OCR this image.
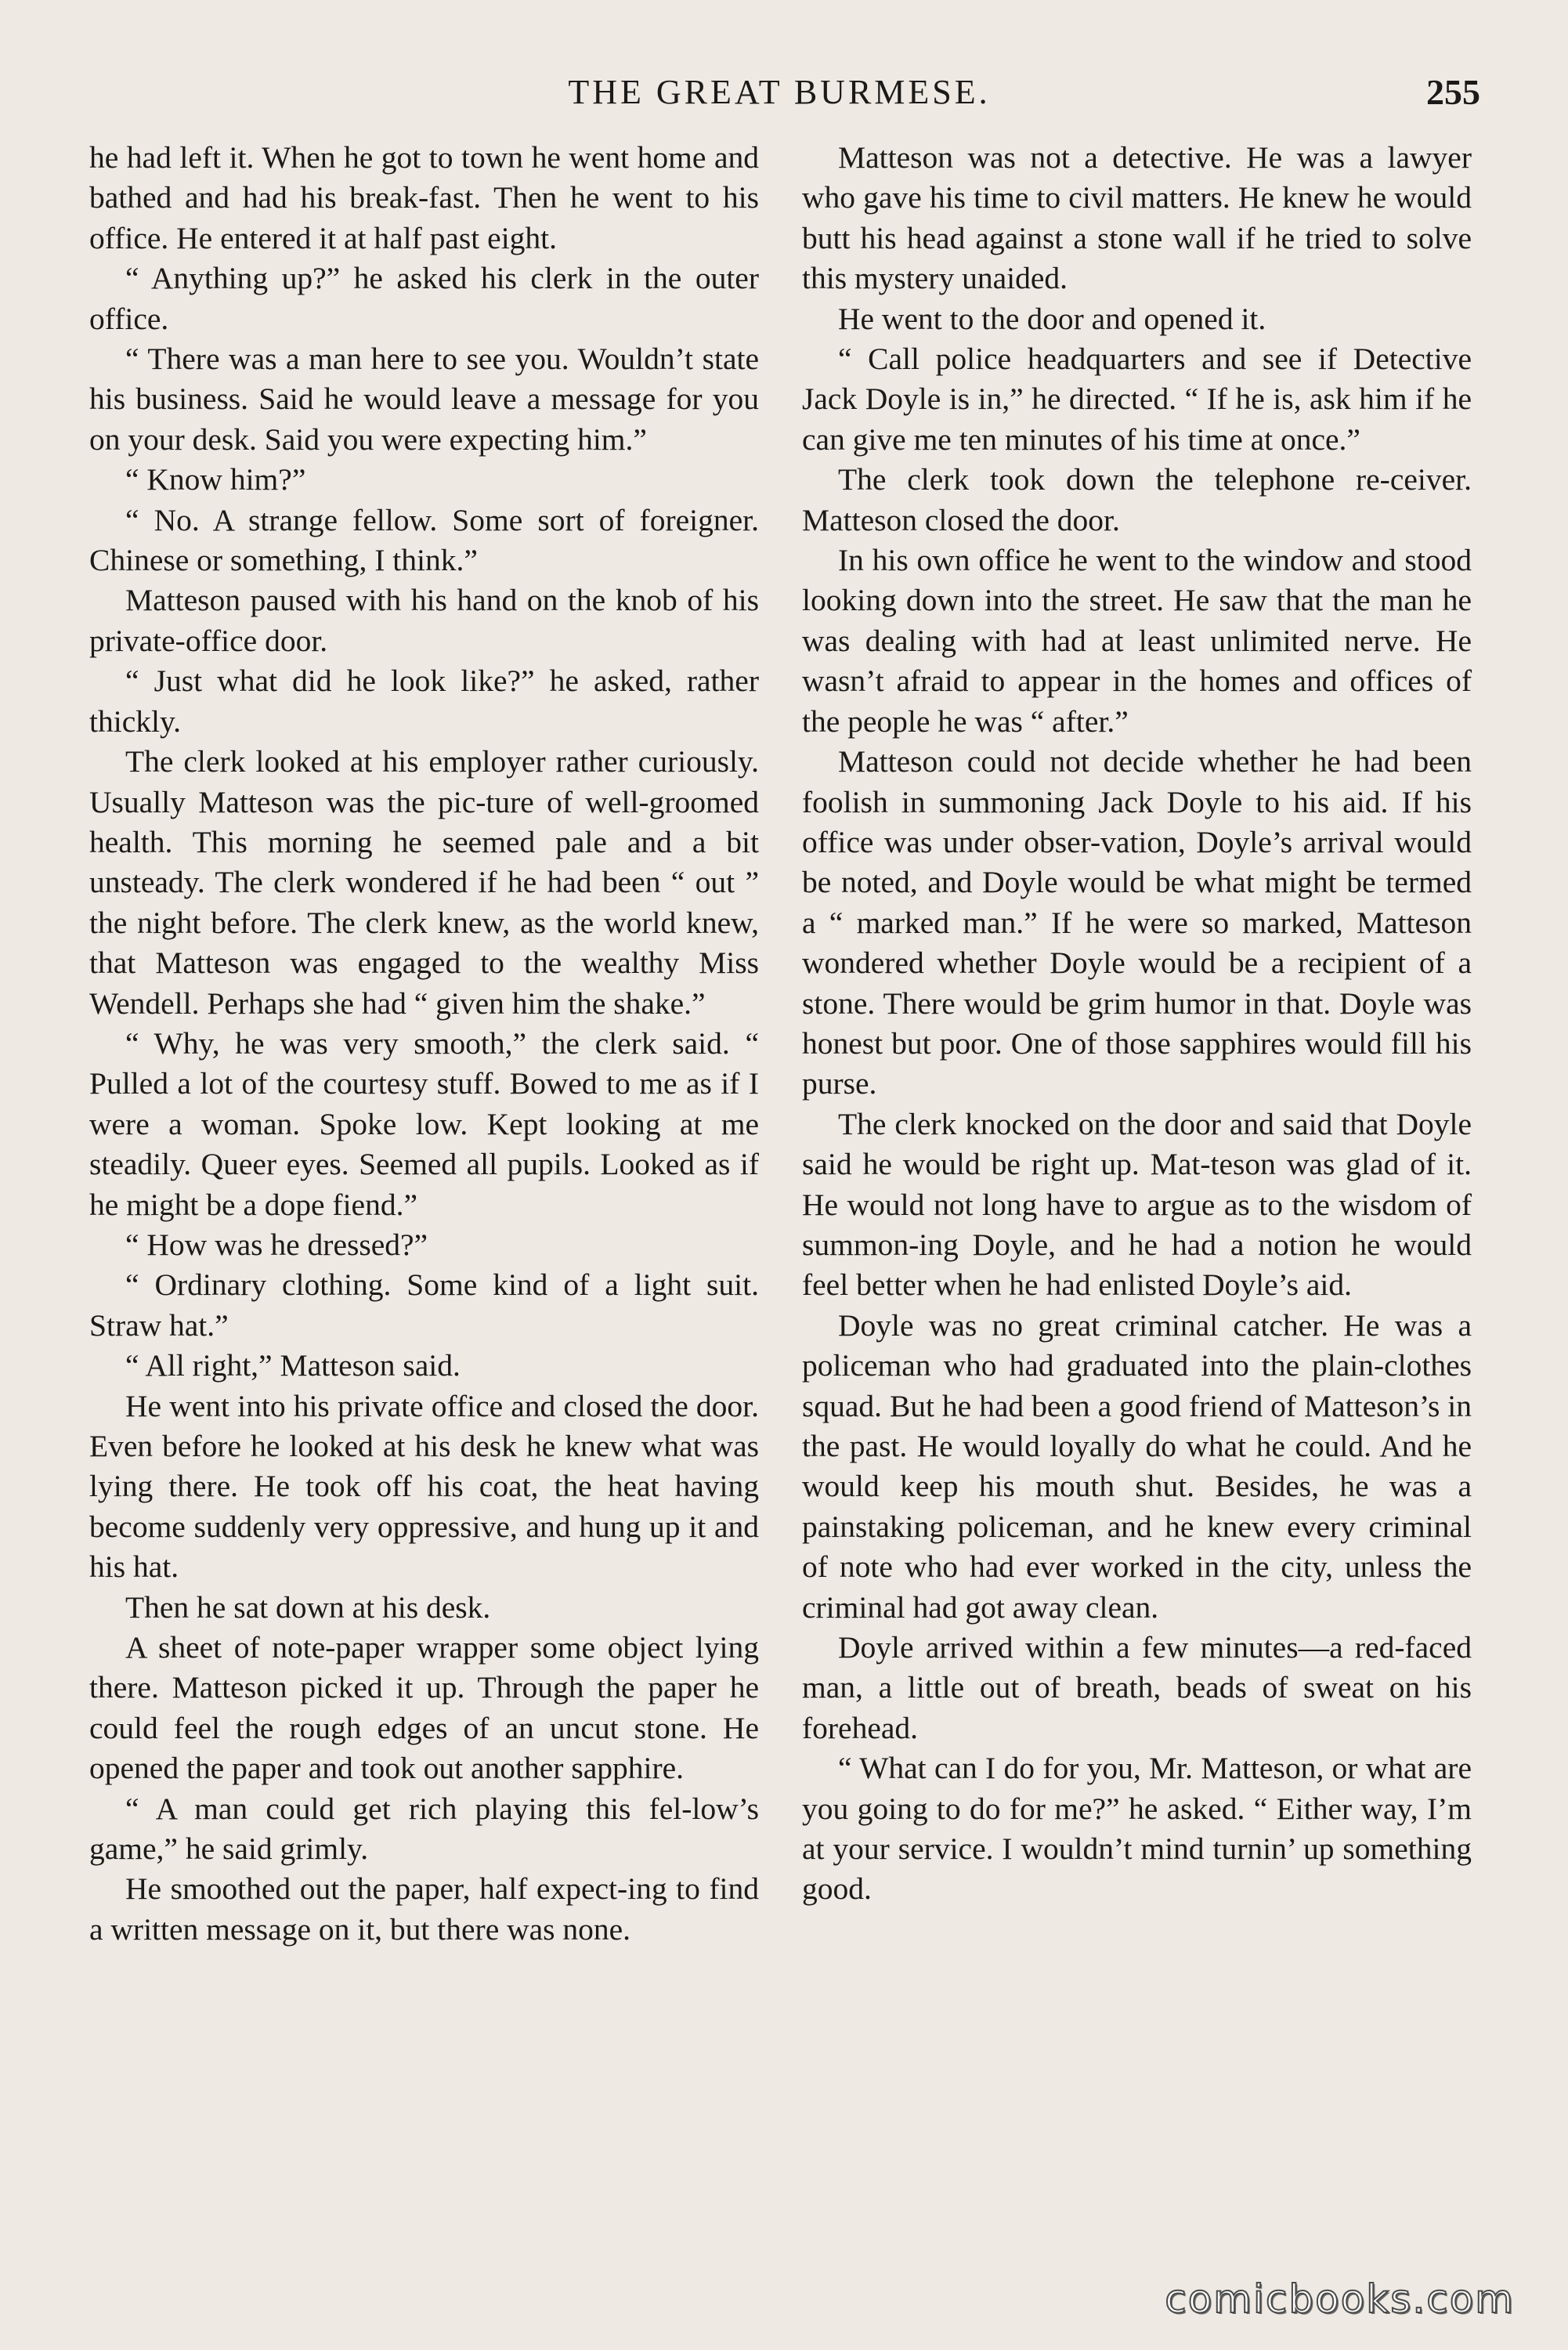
THE GREAT BURMESE.	255

he had left it. When he got to town he went home and bathed and had his break-fast. Then he went to his office. He entered it at half past eight.

“ Anything up?” he asked his clerk in the outer office.

“ There was a man here to see you. Wouldn’t state his business. Said he would leave a message for you on your desk. Said you were expecting him.”

“ Know him?”

“ No. A strange fellow. Some sort of foreigner. Chinese or something, I think.”

Matteson paused with his hand on the knob of his private-office door.

“ Just what did he look like?” he asked, rather thickly.

The clerk looked at his employer rather curiously. Usually Matteson was the pic-ture of well-groomed health. This morning he seemed pale and a bit unsteady. The clerk wondered if he had been “ out ” the night before. The clerk knew, as the world knew, that Matteson was engaged to the wealthy Miss Wendell. Perhaps she had “ given him the shake.”

“ Why, he was very smooth,” the clerk said. “ Pulled a lot of the courtesy stuff. Bowed to me as if I were a woman. Spoke low. Kept looking at me steadily. Queer eyes. Seemed all pupils. Looked as if he might be a dope fiend.”

“ How was he dressed?”

“ Ordinary clothing. Some kind of a light suit. Straw hat.”

“ All right,” Matteson said.

He went into his private office and closed the door. Even before he looked at his desk he knew what was lying there. He took off his coat, the heat having become suddenly very oppressive, and hung up it and his hat.

Then he sat down at his desk.

A sheet of note-paper wrapper some object lying there. Matteson picked it up. Through the paper he could feel the rough edges of an uncut stone. He opened the paper and took out another sapphire.

“ A man could get rich playing this fel-low’s game,” he said grimly.

He smoothed out the paper, half expect-ing to find a written message on it, but there was none.

Matteson was not a detective. He was a lawyer who gave his time to civil matters. He knew he would butt his head against a stone wall if he tried to solve this mystery unaided.

He went to the door and opened it.

“ Call police headquarters and see if Detective Jack Doyle is in,” he directed. “ If he is, ask him if he can give me ten minutes of his time at once.”

The clerk took down the telephone re-ceiver. Matteson closed the door.

In his own office he went to the window and stood looking down into the street. He saw that the man he was dealing with had at least unlimited nerve. He wasn’t afraid to appear in the homes and offices of the people he was “ after.”

Matteson could not decide whether he had been foolish in summoning Jack Doyle to his aid. If his office was under obser-vation, Doyle’s arrival would be noted, and Doyle would be what might be termed a “ marked man.” If he were so marked, Matteson wondered whether Doyle would be a recipient of a stone. There would be grim humor in that. Doyle was honest but poor. One of those sapphires would fill his purse.

The clerk knocked on the door and said that Doyle said he would be right up. Mat-teson was glad of it. He would not long have to argue as to the wisdom of summon-ing Doyle, and he had a notion he would feel better when he had enlisted Doyle’s aid.

Doyle was no great criminal catcher. He was a policeman who had graduated into the plain-clothes squad. But he had been a good friend of Matteson’s in the past. He would loyally do what he could. And he would keep his mouth shut. Besides, he was a painstaking policeman, and he knew every criminal of note who had ever worked in the city, unless the criminal had got away clean.

Doyle arrived within a few minutes—a red-faced man, a little out of breath, beads of sweat on his forehead.

“ What can I do for you, Mr. Matteson, or what are you going to do for me?” he asked. “ Either way, I’m at your service. I wouldn’t mind turnin’ up something good.

comicbooks.com
